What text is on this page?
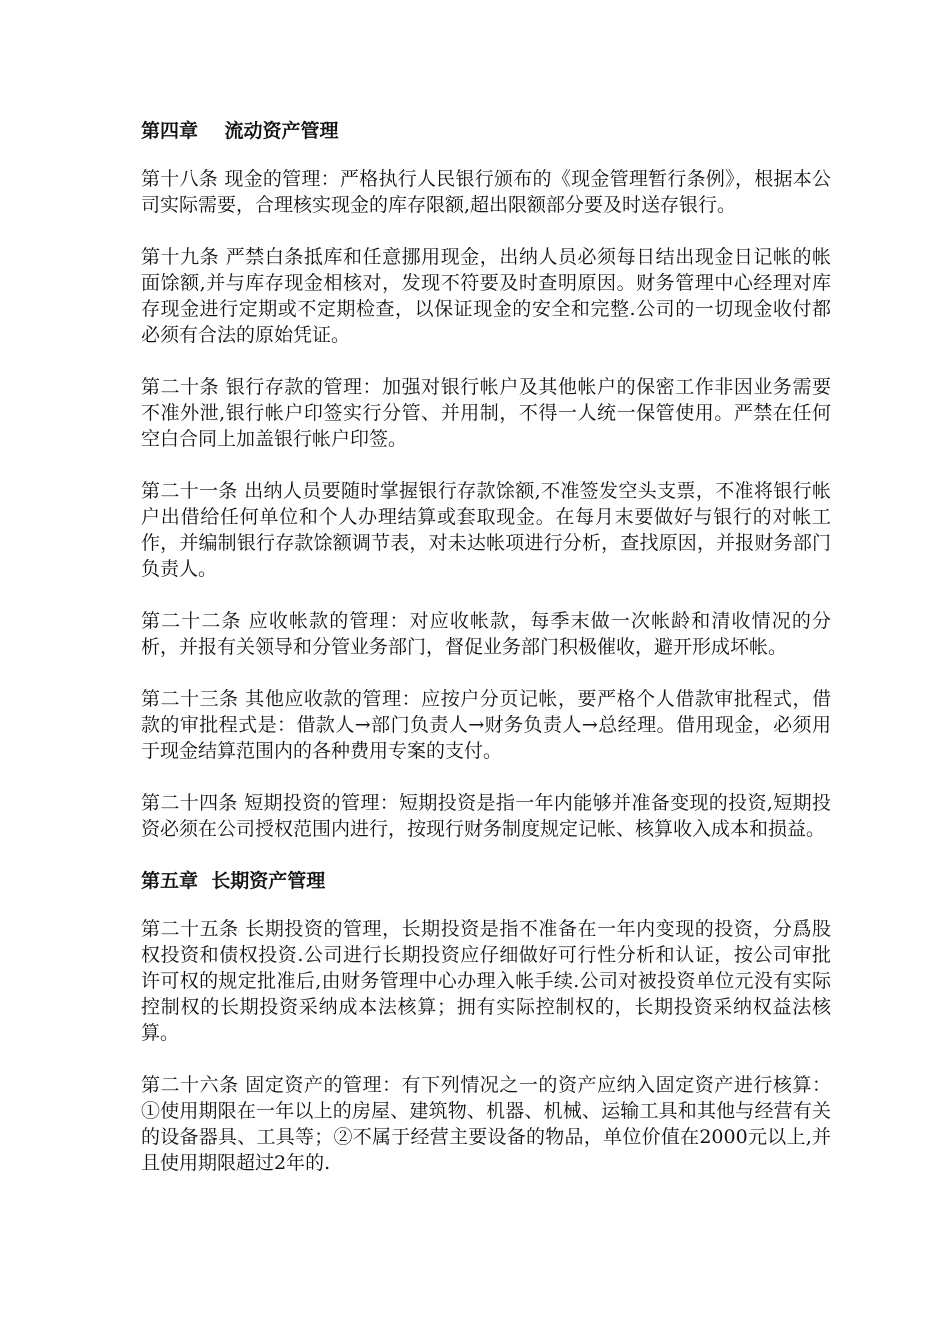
第四章    流动资产管理

第十八条 现金的管理：严格执行人民银行颁布的《现金管理暂行条例》，根据本公司实际需要，合理核实现金的库存限额,超出限额部分要及时送存银行。

第十九条 严禁白条抵库和任意挪用现金，出纳人员必须每日结出现金日记帐的帐面馀额,并与库存现金相核对，发现不符要及时查明原因。财务管理中心经理对库存现金进行定期或不定期检查，以保证现金的安全和完整.公司的一切现金收付都必须有合法的原始凭证。

第二十条 银行存款的管理：加强对银行帐户及其他帐户的保密工作非因业务需要不准外泄,银行帐户印签实行分管、并用制，不得一人统一保管使用。严禁在任何空白合同上加盖银行帐户印签。

第二十一条 出纳人员要随时掌握银行存款馀额,不准签发空头支票，不准将银行帐户出借给任何单位和个人办理结算或套取现金。在每月末要做好与银行的对帐工作，并编制银行存款馀额调节表，对未达帐项进行分析，查找原因，并报财务部门负责人。

第二十二条 应收帐款的管理：对应收帐款，每季末做一次帐龄和清收情况的分析，并报有关领导和分管业务部门，督促业务部门积极催收，避开形成坏帐。

第二十三条 其他应收款的管理：应按户分页记帐，要严格个人借款审批程式，借款的审批程式是：借款人→部门负责人→财务负责人→总经理。借用现金，必须用于现金结算范围内的各种费用专案的支付。

第二十四条 短期投资的管理：短期投资是指一年内能够并准备变现的投资,短期投资必须在公司授权范围内进行，按现行财务制度规定记帐、核算收入成本和损益。

第五章  长期资产管理

第二十五条 长期投资的管理，长期投资是指不准备在一年内变现的投资，分爲股权投资和债权投资.公司进行长期投资应仔细做好可行性分析和认证，按公司审批许可权的规定批准后,由财务管理中心办理入帐手续.公司对被投资单位元没有实际控制权的长期投资采纳成本法核算；拥有实际控制权的，长期投资采纳权益法核算。

第二十六条 固定资产的管理：有下列情况之一的资产应纳入固定资产进行核算：①使用期限在一年以上的房屋、建筑物、机器、机械、运输工具和其他与经营有关的设备器具、工具等；②不属于经营主要设备的物品，单位价值在2000元以上,并且使用期限超过2年的.
